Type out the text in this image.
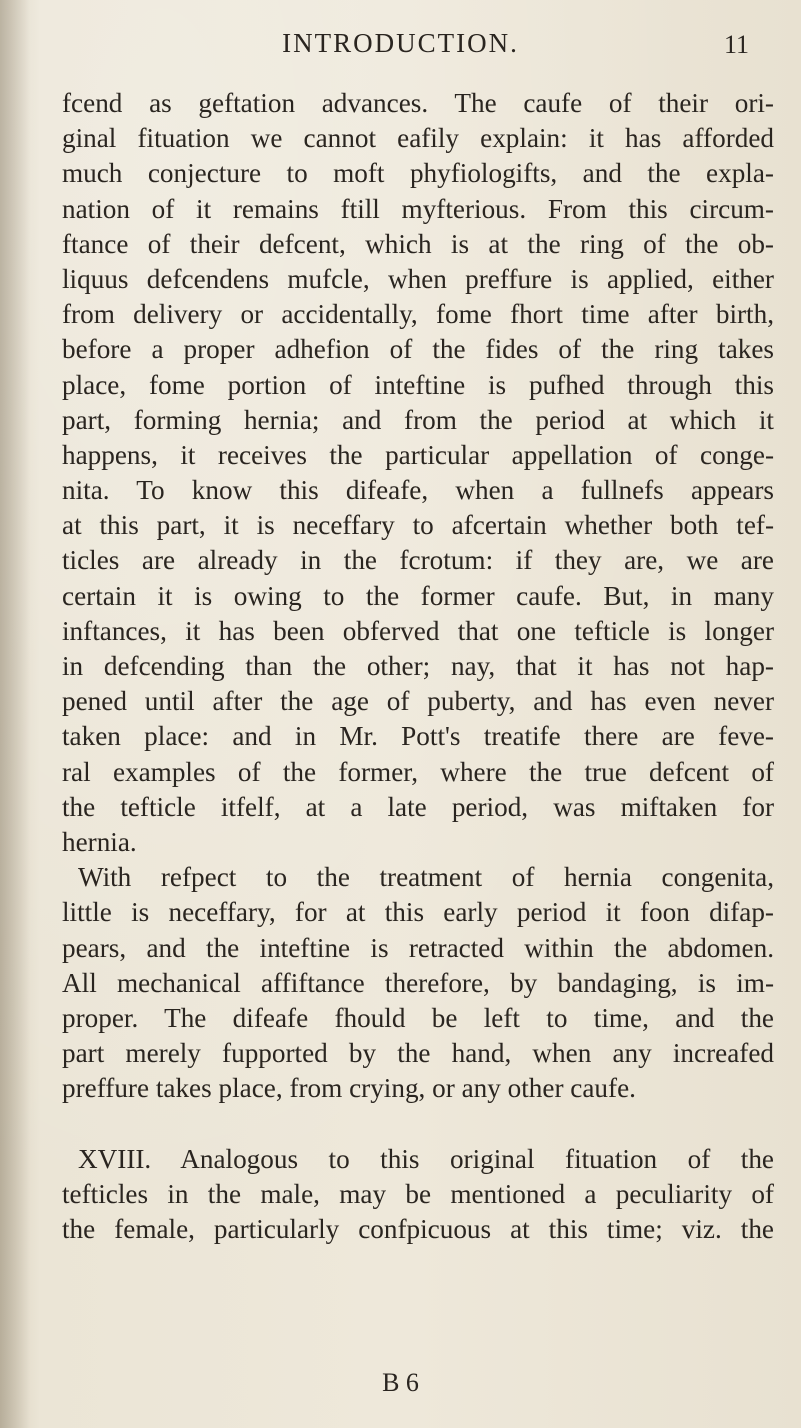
INTRODUCTION.	11
fcend as geftation advances. The caufe of their ori-
ginal fituation we cannot eafily explain: it has afforded
much conjecture to moft phyfiologifts, and the expla-
nation of it remains ftill myfterious. From this circum-
ftance of their defcent, which is at the ring of the ob-
liquus defcendens mufcle, when preffure is applied, either
from delivery or accidentally, fome fhort time after birth,
before a proper adhefion of the fides of the ring takes
place, fome portion of inteftine is pufhed through this
part, forming hernia; and from the period at which it
happens, it receives the particular appellation of conge-
nita. To know this difeafe, when a fullnefs appears
at this part, it is neceffary to afcertain whether both tef-
ticles are already in the fcrotum: if they are, we are
certain it is owing to the former caufe. But, in many
inftances, it has been obferved that one tefticle is longer
in defcending than the other; nay, that it has not hap-
pened until after the age of puberty, and has even never
taken place: and in Mr. Pott's treatife there are feve-
ral examples of the former, where the true defcent of
the tefticle itfelf, at a late period, was miftaken for
hernia.
With refpect to the treatment of hernia congenita,
little is neceffary, for at this early period it foon difap-
pears, and the inteftine is retracted within the abdomen.
All mechanical affiftance therefore, by bandaging, is im-
proper. The difeafe fhould be left to time, and the
part merely fupported by the hand, when any increafed
preffure takes place, from crying, or any other caufe.
XVIII. Analogous to this original fituation of the
tefticles in the male, may be mentioned a peculiarity of
the female, particularly confpicuous at this time; viz. the
B 6
